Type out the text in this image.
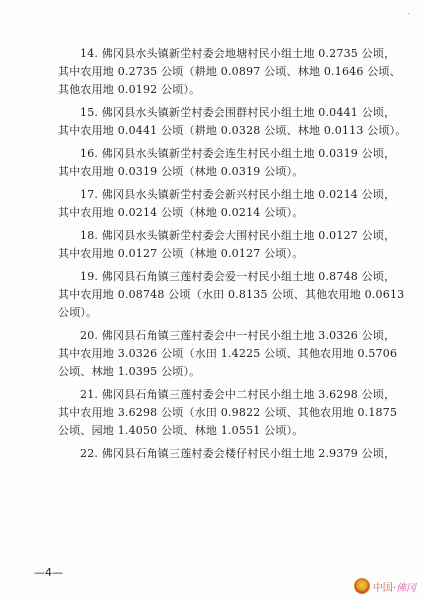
·
14. 佛冈县水头镇新坣村委会地塘村民小组土地 0.2735 公顷，
其中农用地 0.2735 公顷（耕地 0.0897 公顷、林地 0.1646 公顷、
其他农用地 0.0192 公顷）。
15. 佛冈县水头镇新坣村委会围群村民小组土地 0.0441 公顷，
其中农用地 0.0441 公顷（耕地 0.0328 公顷、林地 0.0113 公顷）。
16. 佛冈县水头镇新坣村委会连生村民小组土地 0.0319 公顷，
其中农用地 0.0319 公顷（林地 0.0319 公顷）。
17. 佛冈县水头镇新坣村委会新兴村民小组土地 0.0214 公顷，
其中农用地 0.0214 公顷（林地 0.0214 公顷）。
18. 佛冈县水头镇新坣村委会大围村民小组土地 0.0127 公顷，
其中农用地 0.0127 公顷（林地 0.0127 公顷）。
19. 佛冈县石角镇三莲村委会爱一村民小组土地 0.8748 公顷，
其中农用地 0.08748 公顷（水田 0.8135 公顷、其他农用地 0.0613
公顷）。
20. 佛冈县石角镇三莲村委会中一村民小组土地 3.0326 公顷，
其中农用地 3.0326 公顷（水田 1.4225 公顷、其他农用地 0.5706
公顷、林地 1.0395 公顷）。
21. 佛冈县石角镇三莲村委会中二村民小组土地 3.6298 公顷，
其中农用地 3.6298 公顷（水田 0.9822 公顷、其他农用地 0.1875
公顷、园地 1.4050 公顷、林地 1.0551 公顷）。
22. 佛冈县石角镇三莲村委会楼仔村民小组土地 2.9379 公顷，
—4—
中国·佛冈
